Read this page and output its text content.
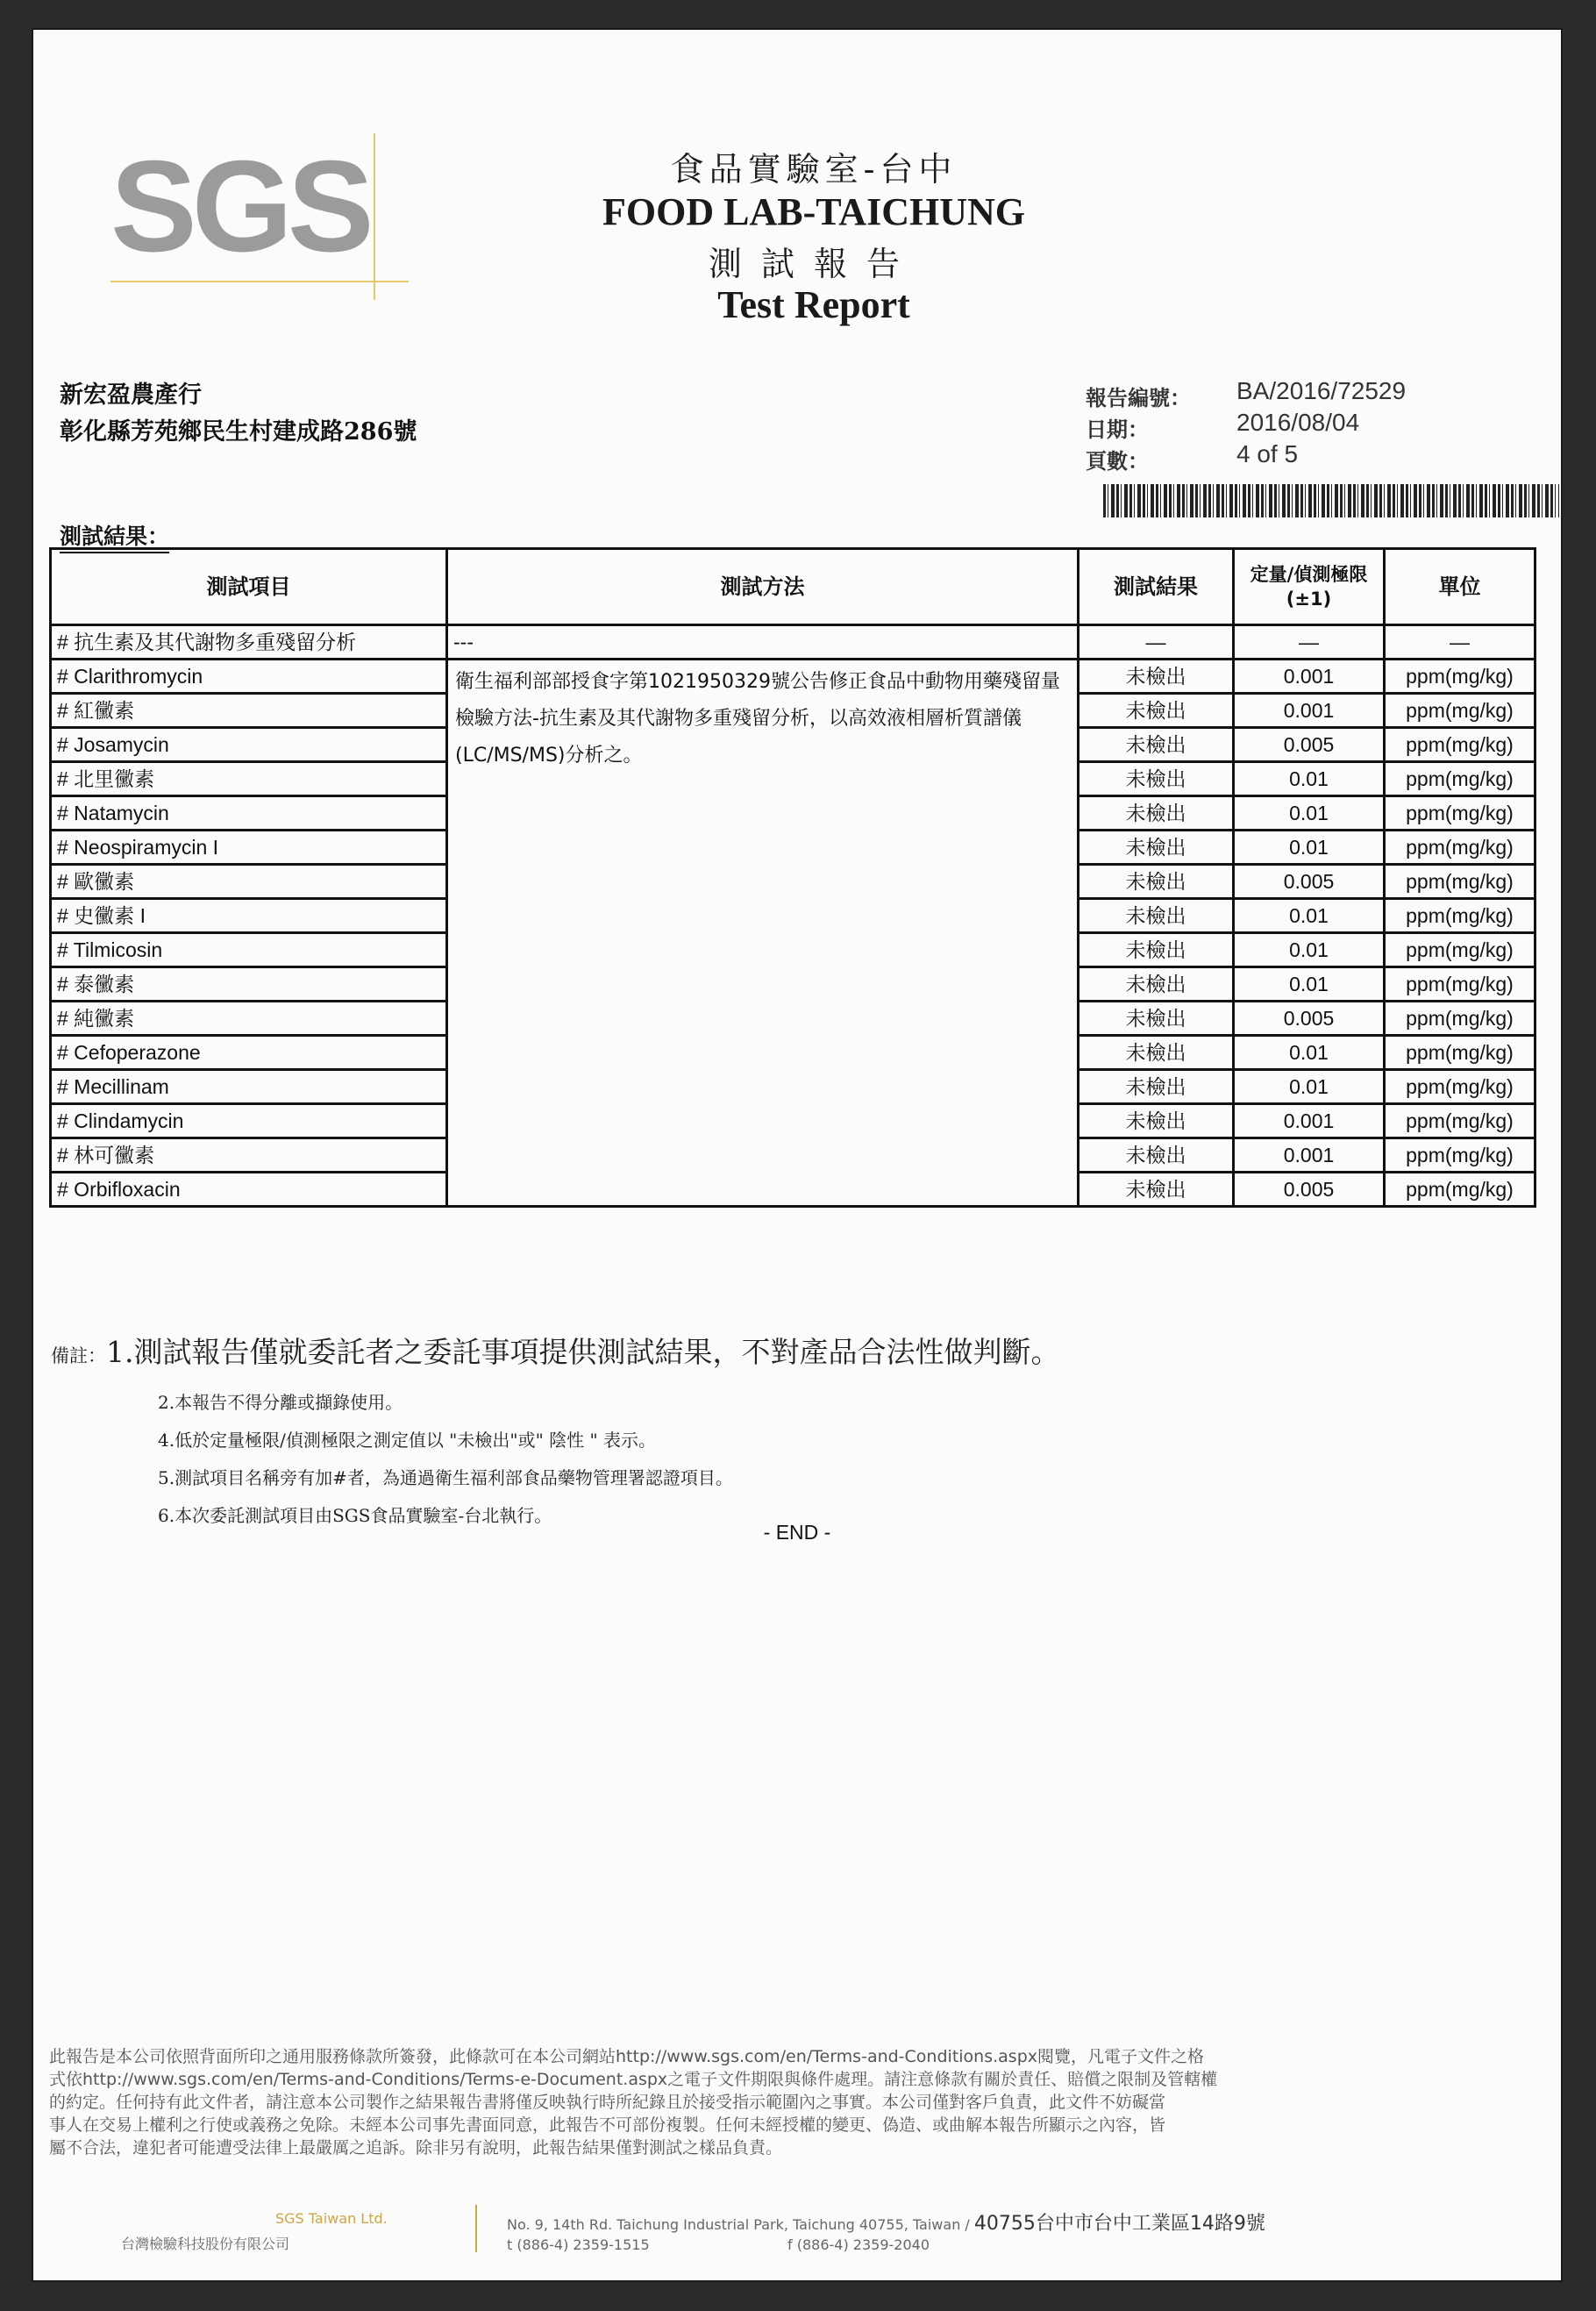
SGS	食品實驗室-台中
FOOD LAB-TAICHUNG
測試報告
Test Report
新宏盈農產行
彰化縣芳苑鄉民生村建成路286號
報告編號： BA/2016/72529
日期：	2016/08/04
頁數：	4 of 5
測試結果：
測試項目	測試方法	測試結果	定量/偵測極限(±1)	單位
# 抗生素及其代謝物多重殘留分析	---	—	—	—
# Clarithromycin	衛生福利部部授食字第1021950329號公告修正食品中動物用藥殘留量檢驗方法-抗生素及其代謝物多重殘留分析，以高效液相層析質譜儀(LC/MS/MS)分析之。	未檢出	0.001	ppm(mg/kg)
# 紅黴素		未檢出	0.001	ppm(mg/kg)
# Josamycin		未檢出	0.005	ppm(mg/kg)
# 北里黴素		未檢出	0.01	ppm(mg/kg)
# Natamycin		未檢出	0.01	ppm(mg/kg)
# Neospiramycin I		未檢出	0.01	ppm(mg/kg)
# 歐黴素		未檢出	0.005	ppm(mg/kg)
# 史黴素 I		未檢出	0.01	ppm(mg/kg)
# Tilmicosin		未檢出	0.01	ppm(mg/kg)
# 泰黴素		未檢出	0.01	ppm(mg/kg)
# 純黴素		未檢出	0.005	ppm(mg/kg)
# Cefoperazone		未檢出	0.01	ppm(mg/kg)
# Mecillinam		未檢出	0.01	ppm(mg/kg)
# Clindamycin		未檢出	0.001	ppm(mg/kg)
# 林可黴素		未檢出	0.001	ppm(mg/kg)
# Orbifloxacin		未檢出	0.005	ppm(mg/kg)
備註：1.測試報告僅就委託者之委託事項提供測試結果，不對產品合法性做判斷。
2.本報告不得分離或擷錄使用。
4.低於定量極限/偵測極限之測定值以 "未檢出"或" 陰性 " 表示。
5.測試項目名稱旁有加#者，為通過衛生福利部食品藥物管理署認證項目。
6.本次委託測試項目由SGS食品實驗室-台北執行。
- END -
此報告是本公司依照背面所印之通用服務條款所簽發，此條款可在本公司網站http://www.sgs.com/en/Terms-and-Conditions.aspx閱覽，凡電子文件之格
式依http://www.sgs.com/en/Terms-and-Conditions/Terms-e-Document.aspx之電子文件期限與條件處理。請注意條款有關於責任、賠償之限制及管轄權
的約定。任何持有此文件者，請注意本公司製作之結果報告書將僅反映執行時所紀錄且於接受指示範圍內之事實。本公司僅對客戶負責，此文件不妨礙當
事人在交易上權利之行使或義務之免除。未經本公司事先書面同意，此報告不可部份複製。任何未經授權的變更、偽造、或曲解本報告所顯示之內容，皆
屬不合法，違犯者可能遭受法律上最嚴厲之追訴。除非另有說明，此報告結果僅對測試之樣品負責。
SGS Taiwan Ltd.
台灣檢驗科技股份有限公司
No. 9, 14th Rd. Taichung Industrial Park, Taichung 40755, Taiwan / 40755台中市台中工業區14路9號
t (886-4) 2359-1515	f (886-4) 2359-2040
